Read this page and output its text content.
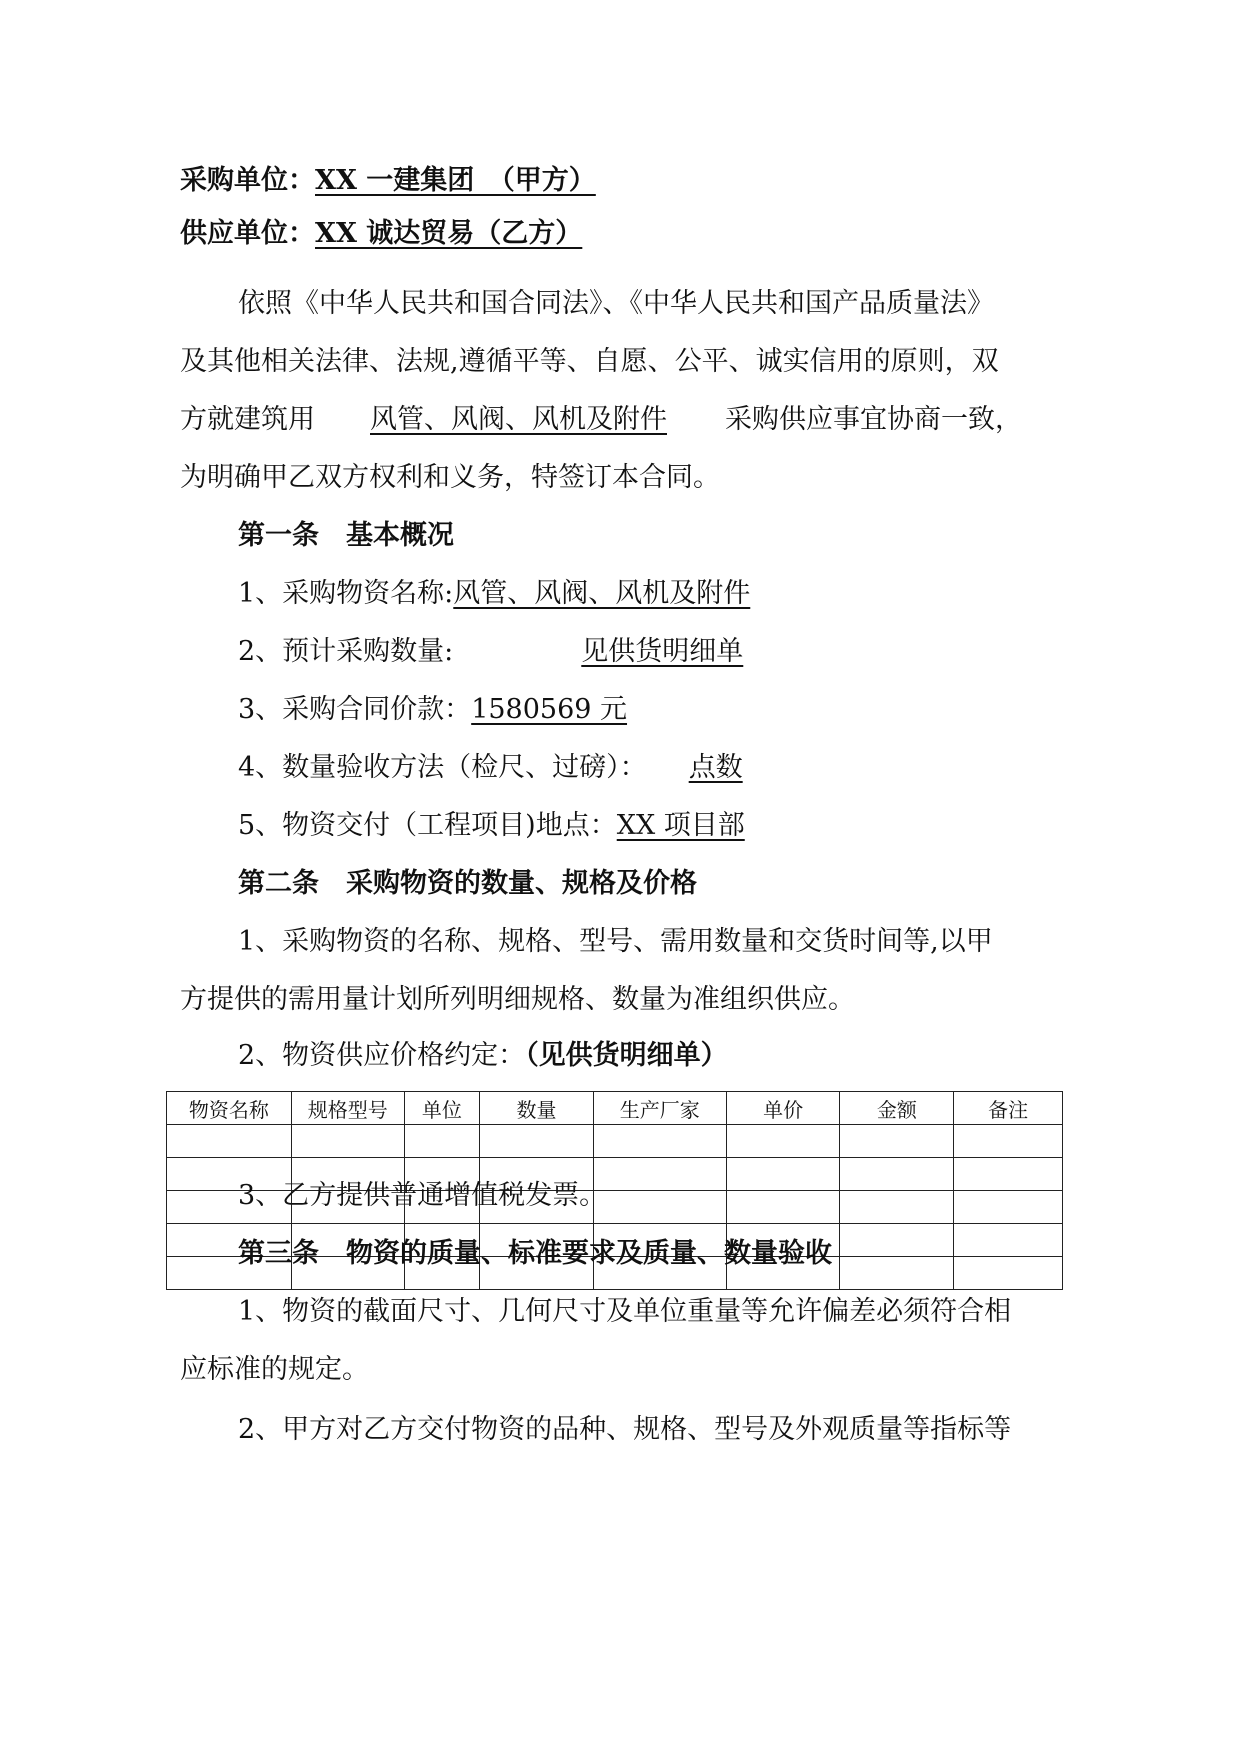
采购单位：XX 一建集团　（甲方）
供应单位：XX 诚达贸易（乙方）
依照《中华人民共和国合同法》、《中华人民共和国产品质量法》
及其他相关法律、法规,遵循平等、自愿、公平、诚实信用的原则，双
方就建筑用 风管、风阀、风机及附件 采购供应事宜协商一致，
为明确甲乙双方权利和义务，特签订本合同。
第一条　基本概况
1、采购物资名称:风管、风阀、风机及附件
2、预计采购数量:	见供货明细单
3、采购合同价款：1580569 元
4、数量验收方法（检尺、过磅）： 点数
5、物资交付（工程项目)地点：XX 项目部
第二条　采购物资的数量、规格及价格
1、采购物资的名称、规格、型号、需用数量和交货时间等,以甲
方提供的需用量计划所列明细规格、数量为准组织供应。
2、物资供应价格约定：（见供货明细单）
物资名称	规格型号	单位	数量	生产厂家	单价	金额	备注

3、乙方提供普通增值税发票。
第三条　物资的质量、标准要求及质量、数量验收
1、物资的截面尺寸、几何尺寸及单位重量等允许偏差必须符合相
应标准的规定。
2、甲方对乙方交付物资的品种、规格、型号及外观质量等指标等
